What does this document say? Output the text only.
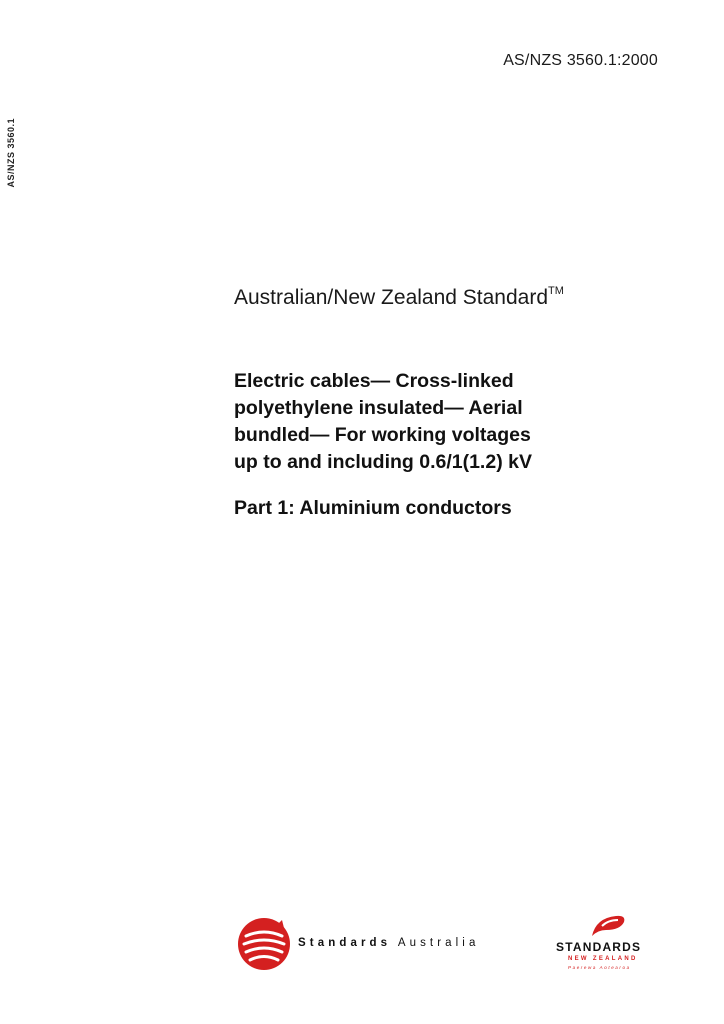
AS/NZS 3560.1:2000
AS/NZS 3560.1
Australian/New Zealand Standard™
Electric cables— Cross-linked
polyethylene insulated— Aerial
bundled— For working voltages
up to and including 0.6/1(1.2) kV
Part 1: Aluminium conductors
Standards Australia	STANDARDS
NEW ZEALAND
Paerewa Aotearoa
